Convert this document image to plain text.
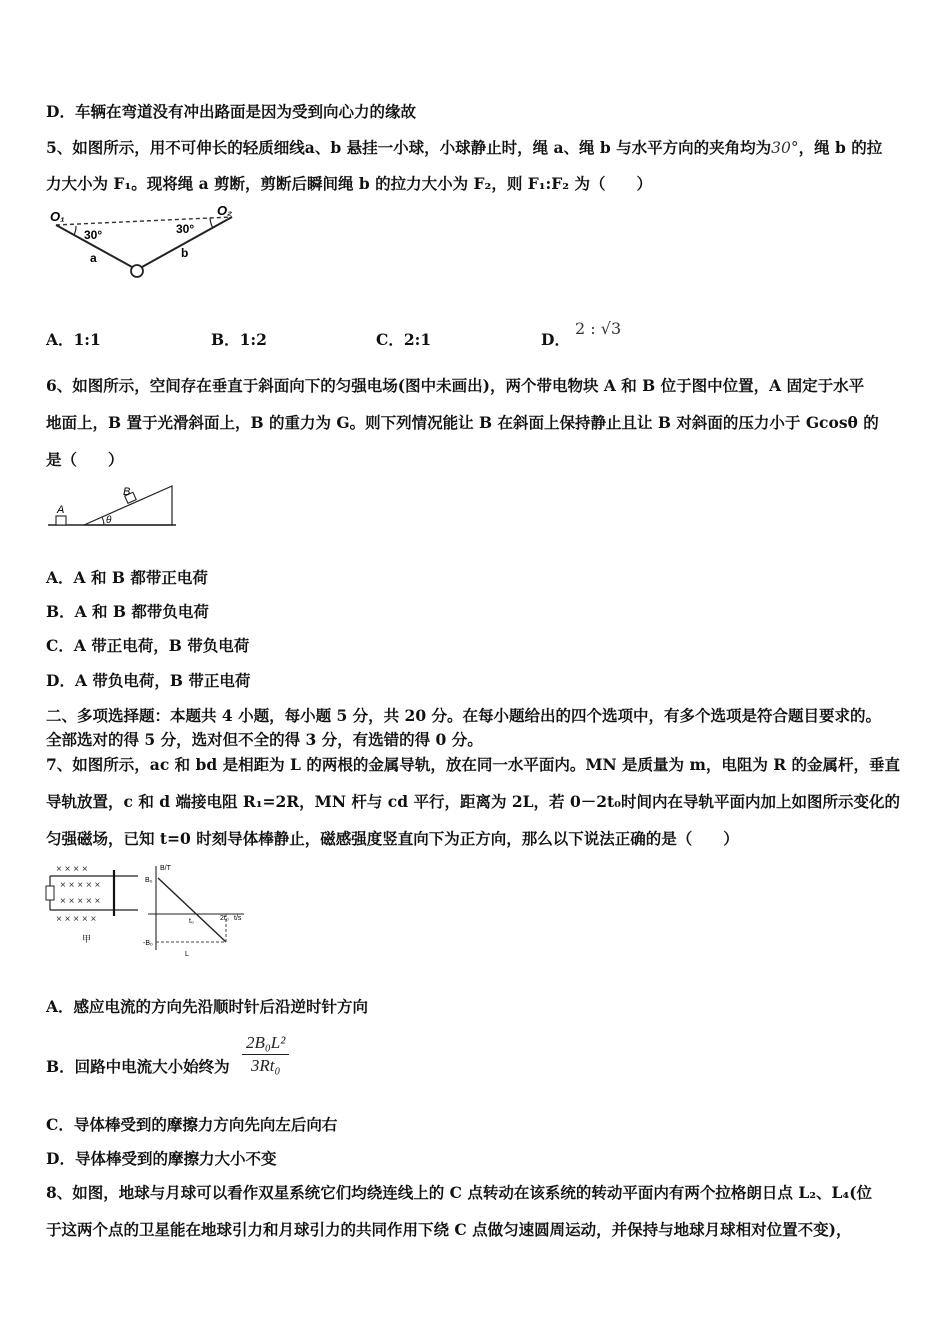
D．车辆在弯道没有冲出路面是因为受到向心力的缘故
5、如图所示，用不可伸长的轻质细线a、b 悬挂一小球，小球静止时，绳 a、绳 b 与水平方向的夹角均为30°，绳 b 的拉
力大小为 F₁。现将绳 a 剪断，剪断后瞬间绳 b 的拉力大小为 F₂，则 F₁:F₂ 为（　　）
O₁	O₂
30°	30°
a	b
A．1:1	B．1:2	C．2:1	D．
2 : √3
6、如图所示，空间存在垂直于斜面向下的匀强电场(图中未画出)，两个带电物块 A 和 B 位于图中位置，A 固定于水平
地面上，B 置于光滑斜面上，B 的重力为 G。则下列情况能让 B 在斜面上保持静止且让 B 对斜面的压力小于 Gcosθ 的
是（　　）
A
B
θ
A．A 和 B 都带正电荷
B．A 和 B 都带负电荷
C．A 带正电荷，B 带负电荷
D．A 带负电荷，B 带正电荷
二、多项选择题：本题共 4 小题，每小题 5 分，共 20 分。在每小题给出的四个选项中，有多个选项是符合题目要求的。
全部选对的得 5 分，选对但不全的得 3 分，有选错的得 0 分。
7、如图所示，ac 和 bd 是相距为 L 的两根的金属导轨，放在同一水平面内。MN 是质量为 m，电阻为 R 的金属杆，垂直
导轨放置，c 和 d 端接电阻 R₁=2R，MN 杆与 cd 平行，距离为 2L，若 0－2t₀时间内在导轨平面内加上如图所示变化的
匀强磁场，已知 t=0 时刻导体棒静止，磁感强度竖直向下为正方向，那么以下说法正确的是（　　）
× × × ×
× × × × ×
× × × × ×
× × × × ×
甲
B/T
t/s
B₀
-B₀
t₀	2t₀
L
A．感应电流的方向先沿顺时针后沿逆时针方向
B．回路中电流大小始终为
2B₀L²
3Rt₀
C．导体棒受到的摩擦力方向先向左后向右
D．导体棒受到的摩擦力大小不变
8、如图，地球与月球可以看作双星系统它们均绕连线上的 C 点转动在该系统的转动平面内有两个拉格朗日点 L₂、L₄(位
于这两个点的卫星能在地球引力和月球引力的共同作用下绕 C 点做匀速圆周运动，并保持与地球月球相对位置不变)，
